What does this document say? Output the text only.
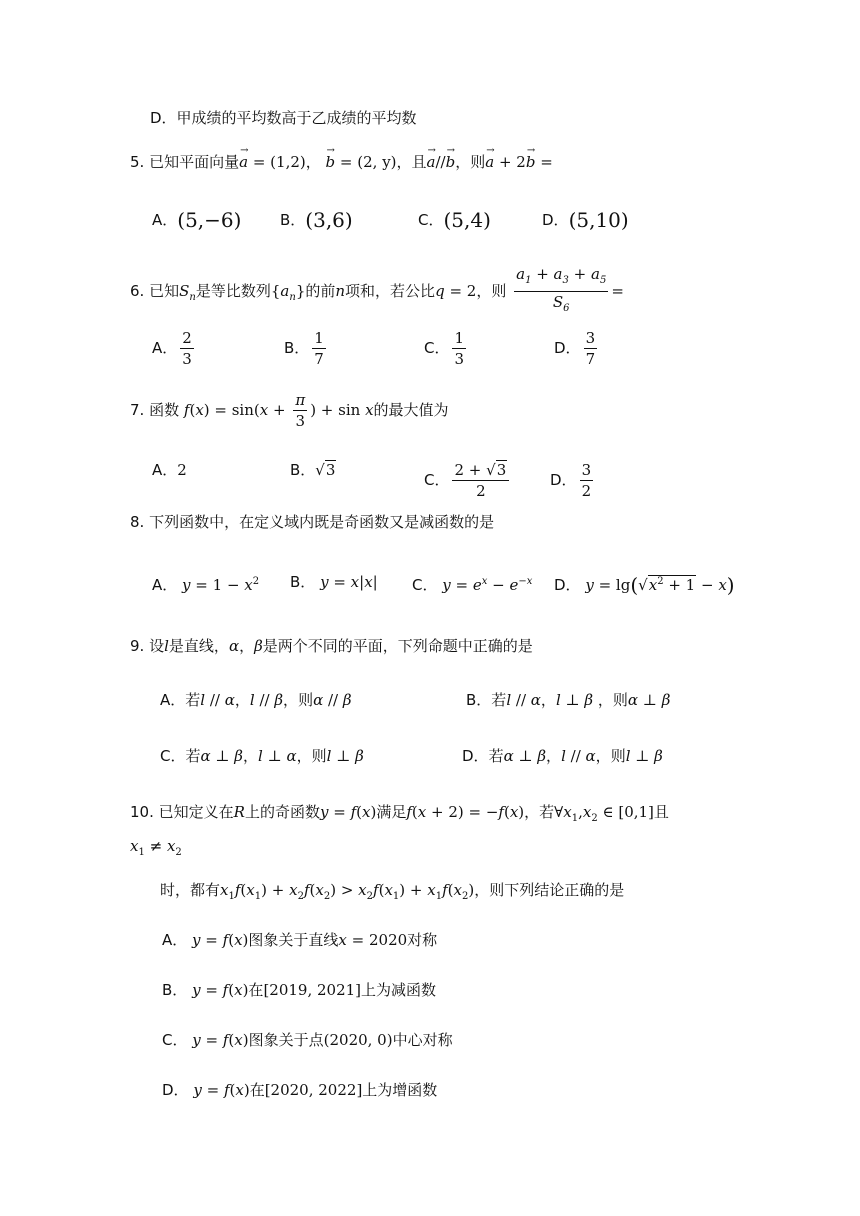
D．甲成绩的平均数高于乙成绩的平均数
5. 已知平面向量→ a = (1,2)， → b = (2, y)，且→ a//→ b，则→ a + 2→ b =
A．(5,−6)	B．(3,6)	C．(5,4)	D．(5,10)
6. 已知$S_n$是等比数列$\{a_n\}$的前n项和，若公比q = 2，则 $\frac{a_1 + a_3 + a_5}{S_6}$ =
A． $\frac{2}{3}$	B． $\frac{1}{7}$	C． $\frac{1}{3}$	D． $\frac{3}{7}$
7. 函数 $f(x) = \sin(x + \frac{\pi}{3}$ ) + sin x的最大值为
A．2	B．√3
C． $\frac{2 + √3}{2}$	D． $\frac{3}{2}$
8. 下列函数中，在定义域内既是奇函数又是减函数的是
A． $y = 1 - x^2$ B． y = x|x| C． $y = e^x - e^{-x}$ D． $y = \lg(√x^2 + 1 - x)$
9. 设l是直线，α，β是两个不同的平面，下列命题中正确的是
A．若l // α，l // β，则α // β	B．若l // α，l ⊥ β ，则α ⊥ β
C．若α ⊥ β，l ⊥ α，则l ⊥ β	D．若α ⊥ β，l // α，则l ⊥ β
10. 已知定义在R上的奇函数y = f(x)满足f(x + 2) = −f(x)，若$\forall x_1,x_2$ ∈ [0,1]且
$x_1 \ne x_2$
时，都有$x_1f(x_1) + x_2f(x_2) > x_2f(x_1) + x_1f(x_2)$，则下列结论正确的是
A． y = f(x)图象关于直线x = 2020对称
B． y = f(x)在[2019, 2021]上为减函数
C． y = f(x)图象关于点(2020, 0)中心对称
D． y = f(x)在[2020, 2022]上为增函数
